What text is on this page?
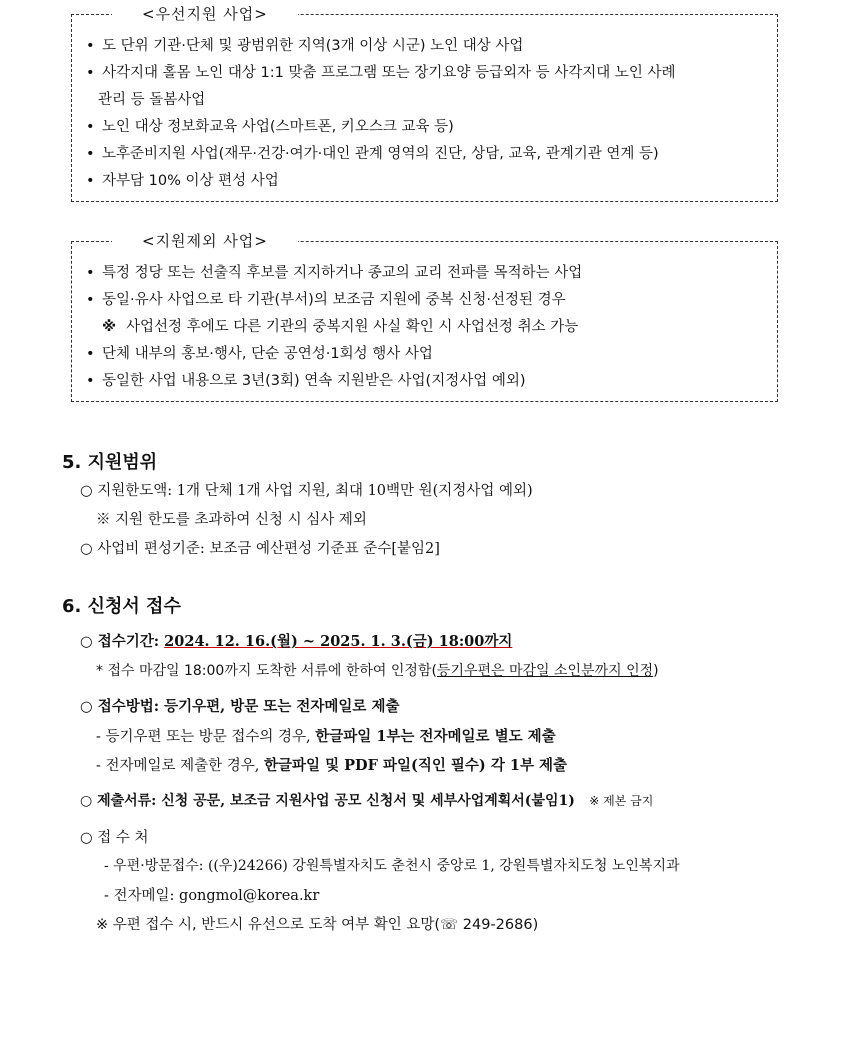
<우선지원 사업>
• 도 단위 기관·단체 및 광범위한 지역(3개 이상 시군) 노인 대상 사업
• 사각지대 홀몸 노인 대상 1:1 맞춤 프로그램 또는 장기요양 등급외자 등 사각지대 노인 사례
관리 등 돌봄사업
• 노인 대상 정보화교육 사업(스마트폰, 키오스크 교육 등)
• 노후준비지원 사업(재무·건강·여가·대인 관계 영역의 진단, 상담, 교육, 관계기관 연계 등)
• 자부담 10% 이상 편성 사업
<지원제외 사업>
• 특정 정당 또는 선출직 후보를 지지하거나 종교의 교리 전파를 목적하는 사업
• 동일·유사 사업으로 타 기관(부서)의 보조금 지원에 중복 신청·선정된 경우
※ 사업선정 후에도 다른 기관의 중복지원 사실 확인 시 사업선정 취소 가능
• 단체 내부의 홍보·행사, 단순 공연성·1회성 행사 사업
• 동일한 사업 내용으로 3년(3회) 연속 지원받은 사업(지정사업 예외)
5. 지원범위
○ 지원한도액: 1개 단체 1개 사업 지원, 최대 10백만 원(지정사업 예외)
※ 지원 한도를 초과하여 신청 시 심사 제외
○ 사업비 편성기준: 보조금 예산편성 기준표 준수[붙임2]
6. 신청서 접수
○ 접수기간: 2024. 12. 16.(월) ~ 2025. 1. 3.(금) 18:00까지
* 접수 마감일 18:00까지 도착한 서류에 한하여 인정함(등기우편은 마감일 소인분까지 인정)
○ 접수방법: 등기우편, 방문 또는 전자메일로 제출
- 등기우편 또는 방문 접수의 경우, 한글파일 1부는 전자메일로 별도 제출
- 전자메일로 제출한 경우, 한글파일 및 PDF 파일(직인 필수) 각 1부 제출
○ 제출서류: 신청 공문, 보조금 지원사업 공모 신청서 및 세부사업계획서(붙임1) ※ 제본 금지
○ 접 수 처
- 우편·방문접수: ((우)24266) 강원특별자치도 춘천시 중앙로 1, 강원특별자치도청 노인복지과
- 전자메일: gongmol@korea.kr
※ 우편 접수 시, 반드시 유선으로 도착 여부 확인 요망(☏ 249-2686)
